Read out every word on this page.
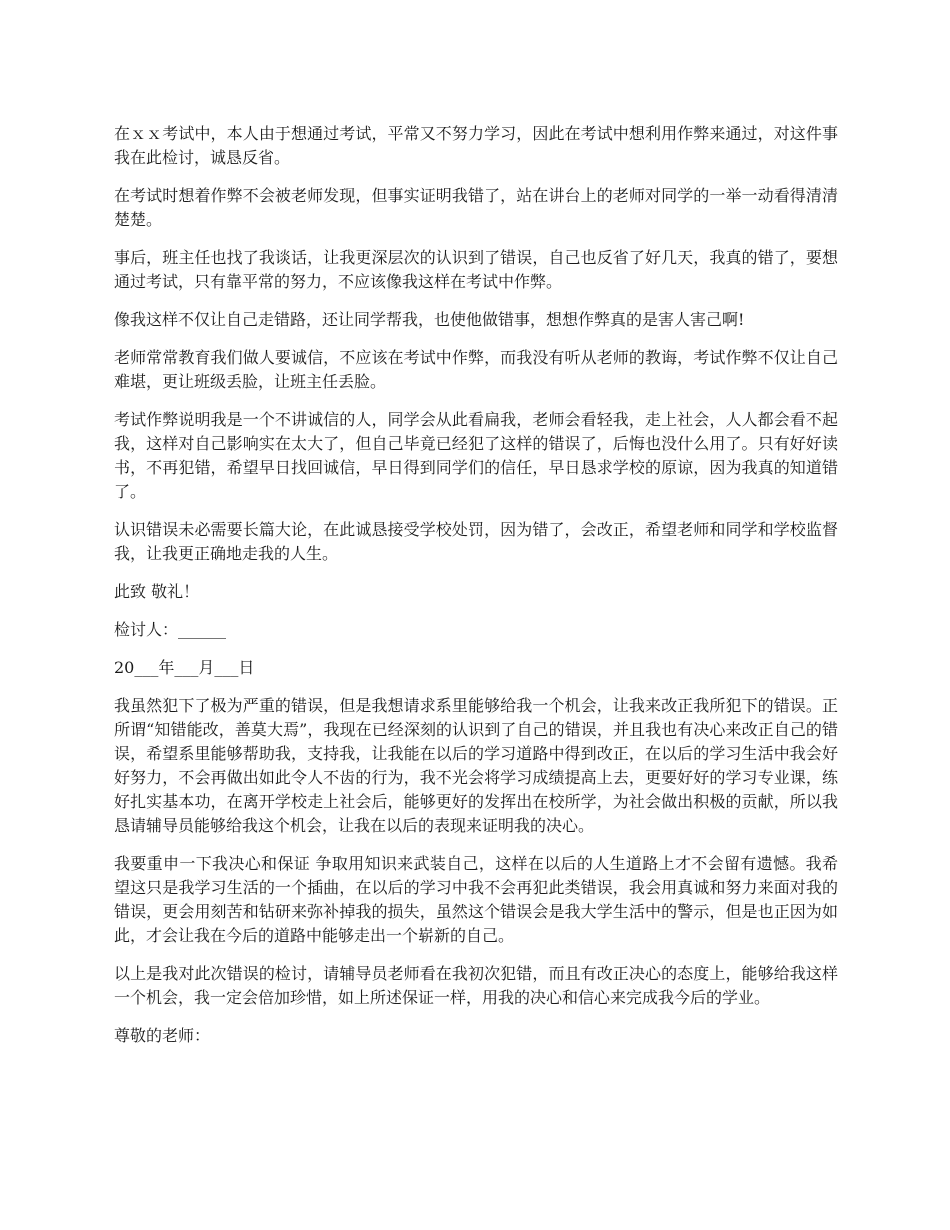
在ｘｘ考试中，本人由于想通过考试，平常又不努力学习，因此在考试中想利用作弊来通过，对这件事我在此检讨，诚恳反省。

在考试时想着作弊不会被老师发现，但事实证明我错了，站在讲台上的老师对同学的一举一动看得清清楚楚。

事后，班主任也找了我谈话，让我更深层次的认识到了错误，自己也反省了好几天，我真的错了，要想通过考试，只有靠平常的努力，不应该像我这样在考试中作弊。

像我这样不仅让自己走错路，还让同学帮我，也使他做错事，想想作弊真的是害人害己啊!

老师常常教育我们做人要诚信，不应该在考试中作弊，而我没有听从老师的教诲，考试作弊不仅让自己难堪，更让班级丢脸，让班主任丢脸。

考试作弊说明我是一个不讲诚信的人，同学会从此看扁我，老师会看轻我，走上社会，人人都会看不起我，这样对自己影响实在太大了，但自己毕竟已经犯了这样的错误了，后悔也没什么用了。只有好好读书，不再犯错，希望早日找回诚信，早日得到同学们的信任，早日恳求学校的原谅，因为我真的知道错了。

认识错误未必需要长篇大论，在此诚恳接受学校处罚，因为错了，会改正，希望老师和同学和学校监督我，让我更正确地走我的人生。

此致 敬礼！

检讨人：______

20___年___月___日

我虽然犯下了极为严重的错误，但是我想请求系里能够给我一个机会，让我来改正我所犯下的错误。正所谓“知错能改，善莫大焉”，我现在已经深刻的认识到了自己的错误，并且我也有决心来改正自己的错误，希望系里能够帮助我，支持我，让我能在以后的学习道路中得到改正，在以后的学习生活中我会好好努力，不会再做出如此令人不齿的行为，我不光会将学习成绩提高上去，更要好好的学习专业课，练好扎实基本功，在离开学校走上社会后，能够更好的发挥出在校所学，为社会做出积极的贡献，所以我恳请辅导员能够给我这个机会，让我在以后的表现来证明我的决心。

我要重申一下我决心和保证 争取用知识来武装自己，这样在以后的人生道路上才不会留有遗憾。我希望这只是我学习生活的一个插曲，在以后的学习中我不会再犯此类错误，我会用真诚和努力来面对我的错误，更会用刻苦和钻研来弥补掉我的损失，虽然这个错误会是我大学生活中的警示，但是也正因为如此，才会让我在今后的道路中能够走出一个崭新的自己。

以上是我对此次错误的检讨，请辅导员老师看在我初次犯错，而且有改正决心的态度上，能够给我这样一个机会，我一定会倍加珍惜，如上所述保证一样，用我的决心和信心来完成我今后的学业。

尊敬的老师：
